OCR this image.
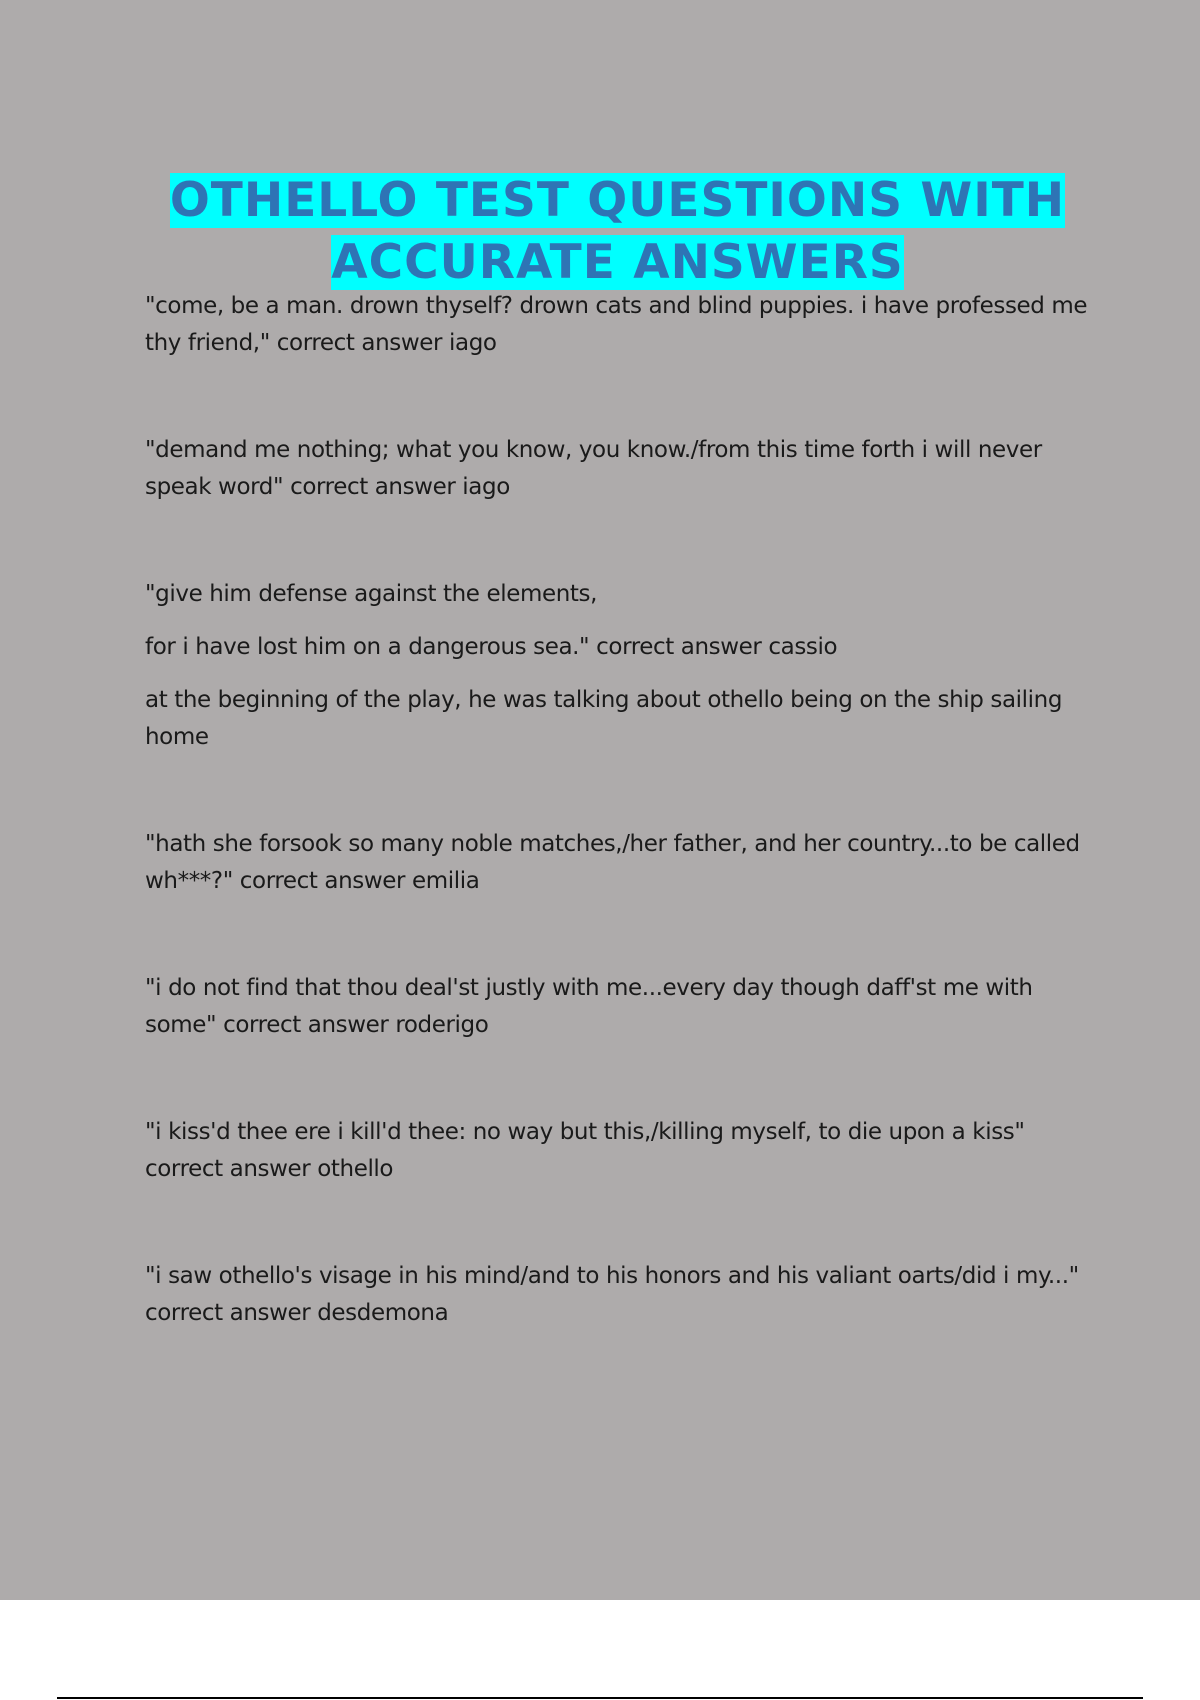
OTHELLO TEST QUESTIONS WITH ACCURATE ANSWERS

"come, be a man. drown thyself? drown cats and blind puppies. i have professed me thy friend," correct answer iago

"demand me nothing; what you know, you know./from this time forth i will never speak word" correct answer iago

"give him defense against the elements,

for i have lost him on a dangerous sea." correct answer cassio

at the beginning of the play, he was talking about othello being on the ship sailing home

"hath she forsook so many noble matches,/her father, and her country...to be called wh***?" correct answer emilia

"i do not find that thou deal'st justly with me...every day though daff'st me with some" correct answer roderigo

"i kiss'd thee ere i kill'd thee: no way but this,/killing myself, to die upon a kiss" correct answer othello

"i saw othello's visage in his mind/and to his honors and his valiant oarts/did i my..." correct answer desdemona
